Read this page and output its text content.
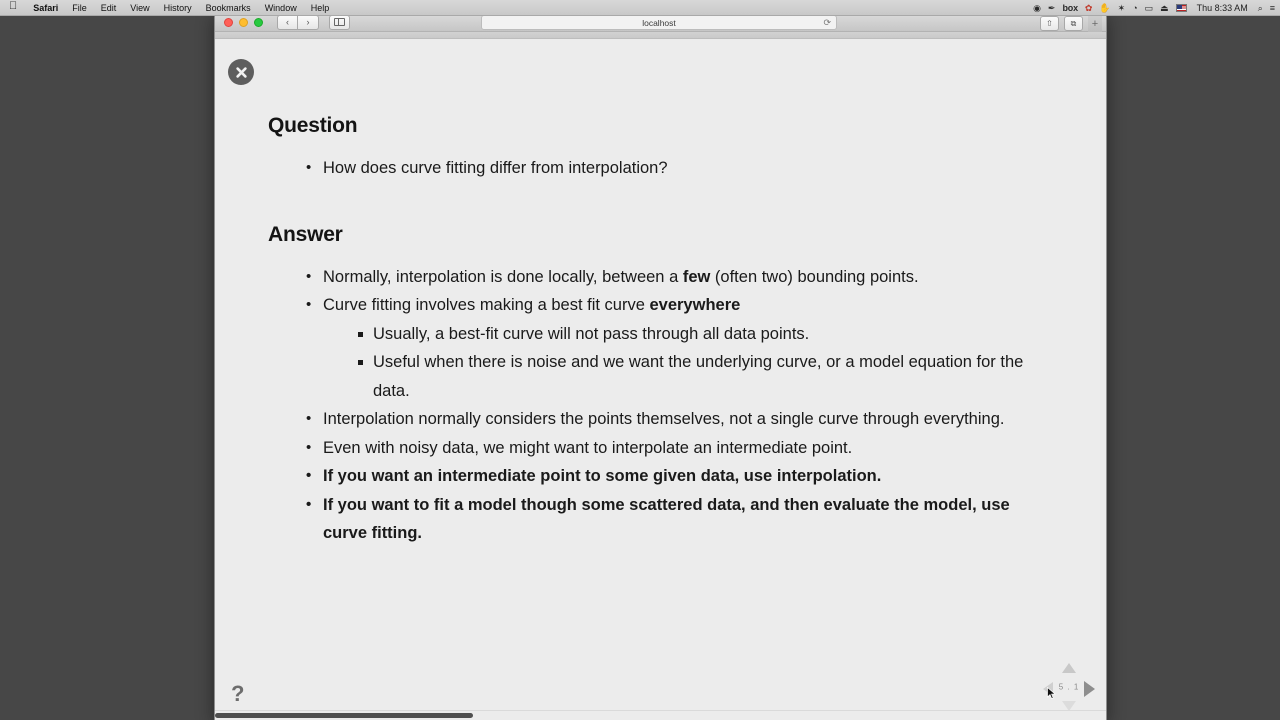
Safari	File	Edit	View	History	Bookmarks	Window	Help	◉ ✒ box ✿ ✋ ✶ ◔ ▭ ⏏	Thu 8:33 AM	⌕ ≡
‹	›	localhost	⟳	⇧	⧉	+
Question
• How does curve fitting differ from interpolation?
Answer
• Normally, interpolation is done locally, between a few (often two) bounding points.
• Curve fitting involves making a best fit curve everywhere
Usually, a best-fit curve will not pass through all data points.
Useful when there is noise and we want the underlying curve, or a model equation for the data.
• Interpolation normally considers the points themselves, not a single curve through everything.
• Even with noisy data, we might want to interpolate an intermediate point.
• If you want an intermediate point to some given data, use interpolation.
• If you want to fit a model though some scattered data, and then evaluate the model, use curve fitting.
?	5 . 1
